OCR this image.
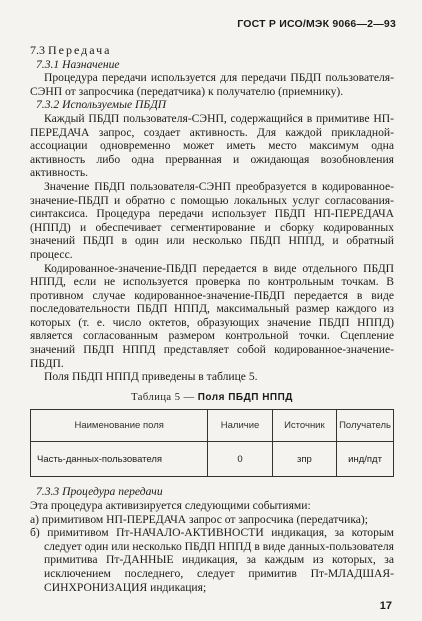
ГОСТ Р ИСО/МЭК 9066—2—93
7.3 Передача
7.3.1 Назначение

Процедура передачи используется для передачи ПБДП пользователя-СЭНП от запросчика (передатчика) к получателю (приемнику).

7.3.2 Используемые ПБДП

Каждый ПБДП пользователя-СЭНП, содержащийся в примитиве НП-ПЕРЕДАЧА запрос, создает активность. Для каждой прикладной-ассоциации одновременно может иметь место максимум одна активность либо одна прерванная и ожидающая возобновления активность.

Значение ПБДП пользователя-СЭНП преобразуется в кодированное-значение-ПБДП и обратно с помощью локальных услуг согласования-синтаксиса. Процедура передачи использует ПБДП НП-ПЕРЕДАЧА (НППД) и обеспечивает сегментирование и сборку кодированных значений ПБДП в один или несколько ПБДП НППД, и обратный процесс.

Кодированное-значение-ПБДП передается в виде отдельного ПБДП НППД, если не используется проверка по контрольным точкам. В противном случае кодированное-значение-ПБДП передается в виде последовательности ПБДП НППД, максимальный размер каждого из которых (т. е. число октетов, образующих значение ПБДП НППД) является согласованным размером контрольной точки. Сцепление значений ПБДП НППД представляет собой кодированное-значение-ПБДП.

Поля ПБДП НППД приведены в таблице 5.

Таблица 5 — Поля ПБДП НППД
Наименование поля	Наличие	Источник	Получатель
Часть-данных-пользователя	0	зпр	инд/пдт
7.3.3 Процедура передачи

Эта процедура активизируется следующими событиями:

а) примитивом НП-ПЕРЕДАЧА запрос от запросчика (передатчика);
б) примитивом Пт-НАЧАЛО-АКТИВНОСТИ индикация, за которым следует один или несколько ПБДП НППД в виде данных-пользователя примитива Пт-ДАННЫЕ индикация, за каждым из которых, за исключением последнего, следует примитив Пт-МЛАДШАЯ-СИНХРОНИЗАЦИЯ индикация;
17
